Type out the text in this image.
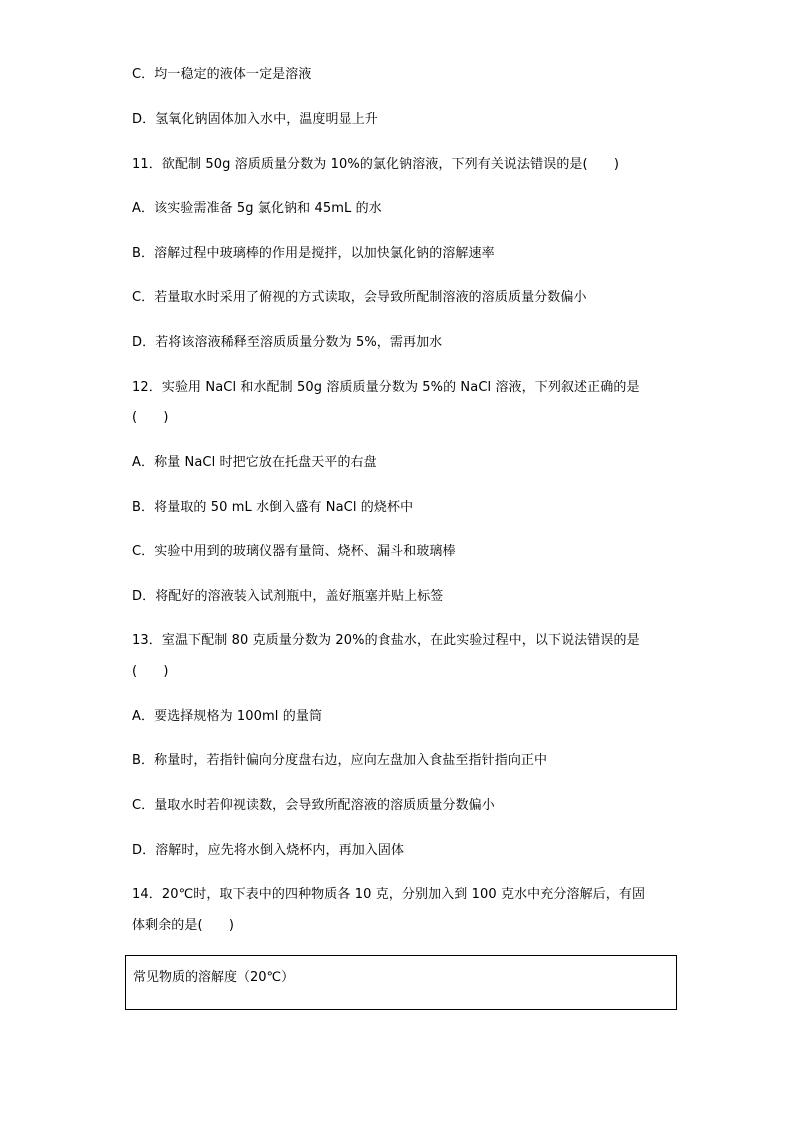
C．均一稳定的液体一定是溶液
D．氢氧化钠固体加入水中，温度明显上升
11．欲配制 50g 溶质质量分数为 10%的氯化钠溶液，下列有关说法错误的是(　　)
A．该实验需准备 5g 氯化钠和 45mL 的水
B．溶解过程中玻璃棒的作用是搅拌，以加快氯化钠的溶解速率
C．若量取水时采用了俯视的方式读取，会导致所配制溶液的溶质质量分数偏小
D．若将该溶液稀释至溶质质量分数为 5%，需再加水
12．实验用 NaCl 和水配制 50g 溶质质量分数为 5%的 NaCl 溶液，下列叙述正确的是
(　　)
A．称量 NaCl 时把它放在托盘天平的右盘
B．将量取的 50 mL 水倒入盛有 NaCl 的烧杯中
C．实验中用到的玻璃仪器有量筒、烧杯、漏斗和玻璃棒
D．将配好的溶液装入试剂瓶中，盖好瓶塞并贴上标签
13．室温下配制 80 克质量分数为 20%的食盐水，在此实验过程中，以下说法错误的是
(　　)
A．要选择规格为 100ml 的量筒
B．称量时，若指针偏向分度盘右边，应向左盘加入食盐至指针指向正中
C．量取水时若仰视读数，会导致所配溶液的溶质质量分数偏小
D．溶解时，应先将水倒入烧杯内，再加入固体
14．20℃时，取下表中的四种物质各 10 克，分别加入到 100 克水中充分溶解后，有固
体剩余的是(　　)
常见物质的溶解度（20℃）
